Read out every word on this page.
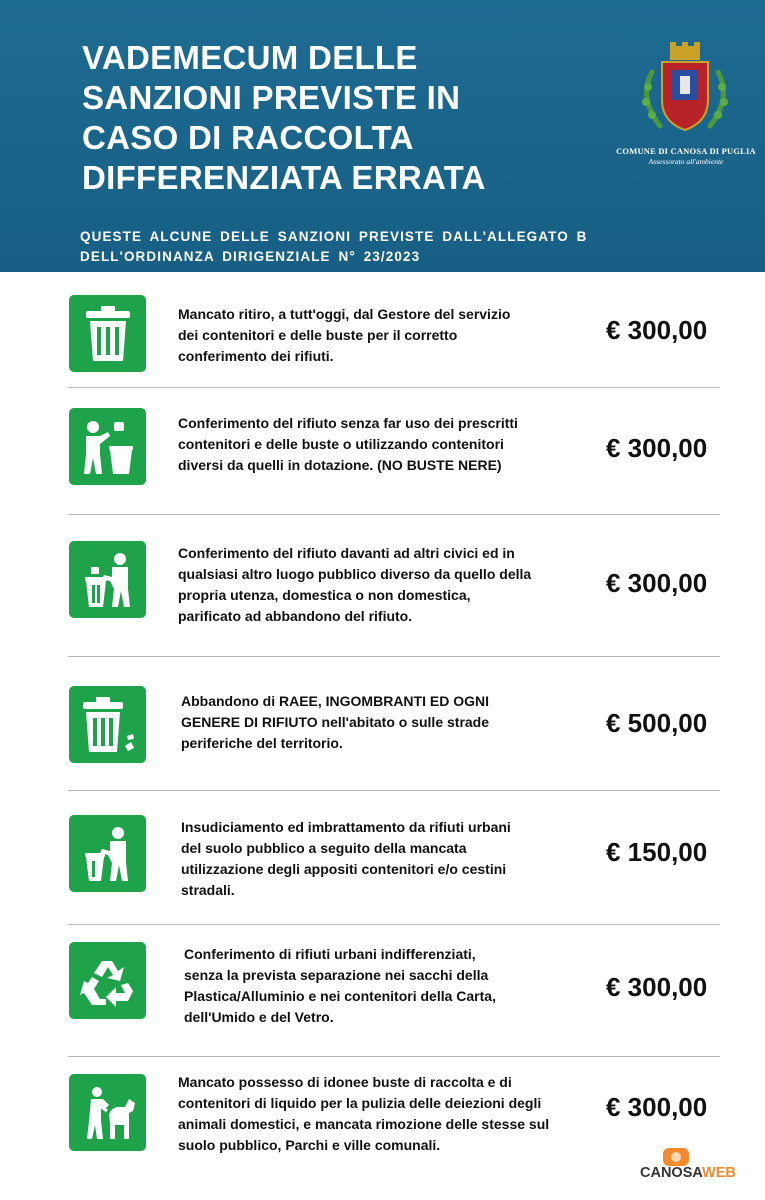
VADEMECUM DELLE
SANZIONI PREVISTE IN
CASO DI RACCOLTA
DIFFERENZIATA ERRATA
COMUNE DI CANOSA DI PUGLIA
Assessorato all'ambiente
QUESTE ALCUNE DELLE SANZIONI PREVISTE DALL'ALLEGATO B
DELL'ORDINANZA DIRIGENZIALE N° 23/2023
Mancato ritiro, a tutt'oggi, dal Gestore del servizio
dei contenitori e delle buste per il corretto
conferimento dei rifiuti.
€ 300,00
Conferimento del rifiuto senza far uso dei prescritti
contenitori e delle buste o utilizzando contenitori
diversi da quelli in dotazione. (NO BUSTE NERE)
€ 300,00
Conferimento del rifiuto davanti ad altri civici ed in
qualsiasi altro luogo pubblico diverso da quello della
propria utenza, domestica o non domestica,
parificato ad abbandono del rifiuto.
€ 300,00
Abbandono di RAEE, INGOMBRANTI ED OGNI
GENERE DI RIFIUTO nell'abitato o sulle strade
periferiche del territorio.
€ 500,00
Insudiciamento ed imbrattamento da rifiuti urbani
del suolo pubblico a seguito della mancata
utilizzazione degli appositi contenitori e/o cestini
stradali.
€ 150,00
Conferimento di rifiuti urbani indifferenziati,
senza la prevista separazione nei sacchi della
Plastica/Alluminio e nei contenitori della Carta,
dell'Umido e del Vetro.
€ 300,00
Mancato possesso di idonee buste di raccolta e di
contenitori di liquido per la pulizia delle deiezioni degli
animali domestici, e mancata rimozione delle stesse sul
suolo pubblico, Parchi e ville comunali.
€ 300,00
CANOSAWEB
